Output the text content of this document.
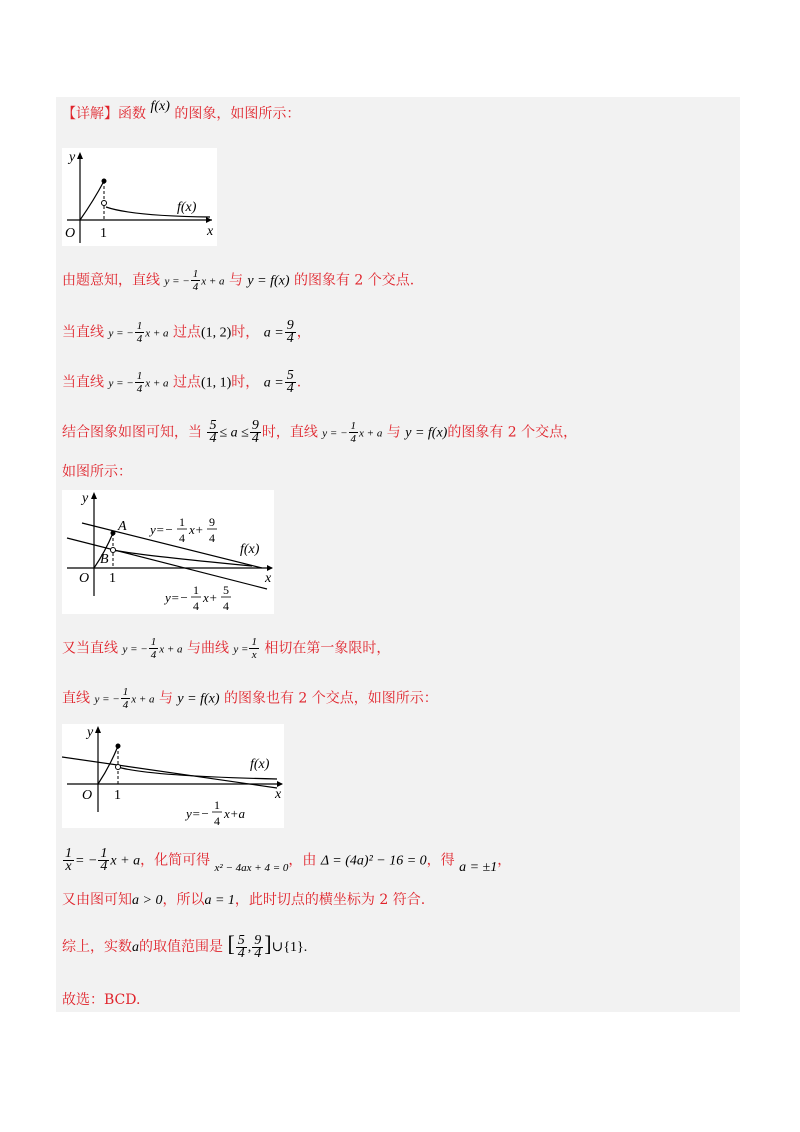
【详解】函数 f(x) 的图象，如图所示：
y
O 1	x
f(x)
由题意知，直线 y = − $\frac{1}{4}$ x + a 与 y = f(x) 的图象有 2 个交点.
当直线 y = − $\frac{1}{4}$ x + a 过点(1, 2)时， $a = \frac{9}{4}$ ，
当直线 y = − $\frac{1}{4}$ x + a 过点(1, 1)时， $a = \frac{5}{4}$ .
结合图象如图可知，当 $\frac{5}{4} \le a \le \frac{9}{4}$ 时，直线 y = − $\frac{1}{4}$ x + a 与 y = f(x)的图象有 2 个交点，
如图所示：
y
O 1	x
A
B
f(x)
y=− 1
4
x+ 9
4
y=− 1
4
x+ 5
4
又当直线 y = − $\frac{1}{4}$ x + a 与曲线 $y = \frac{1}{x}$ 相切在第一象限时，
直线 y = − $\frac{1}{4}$ x + a 与 y = f(x) 的图象也有 2 个交点，如图所示：
y
O 1	x
f(x)
y=−
1
4 x+a
$\frac{1}{x}$ = − $\frac{1}{4}$ x + a，化简可得 $_{x^2 - 4ax + 4 = 0}$，由 Δ = (4a)² − 16 = 0，得 a = ±1，
又由图可知a > 0，所以a = 1，此时切点的横坐标为 2 符合.
综上，实数a的取值范围是 [ $\frac{5}{4}$ , $\frac{9}{4}$ ]∪{1}.
故选：BCD.
